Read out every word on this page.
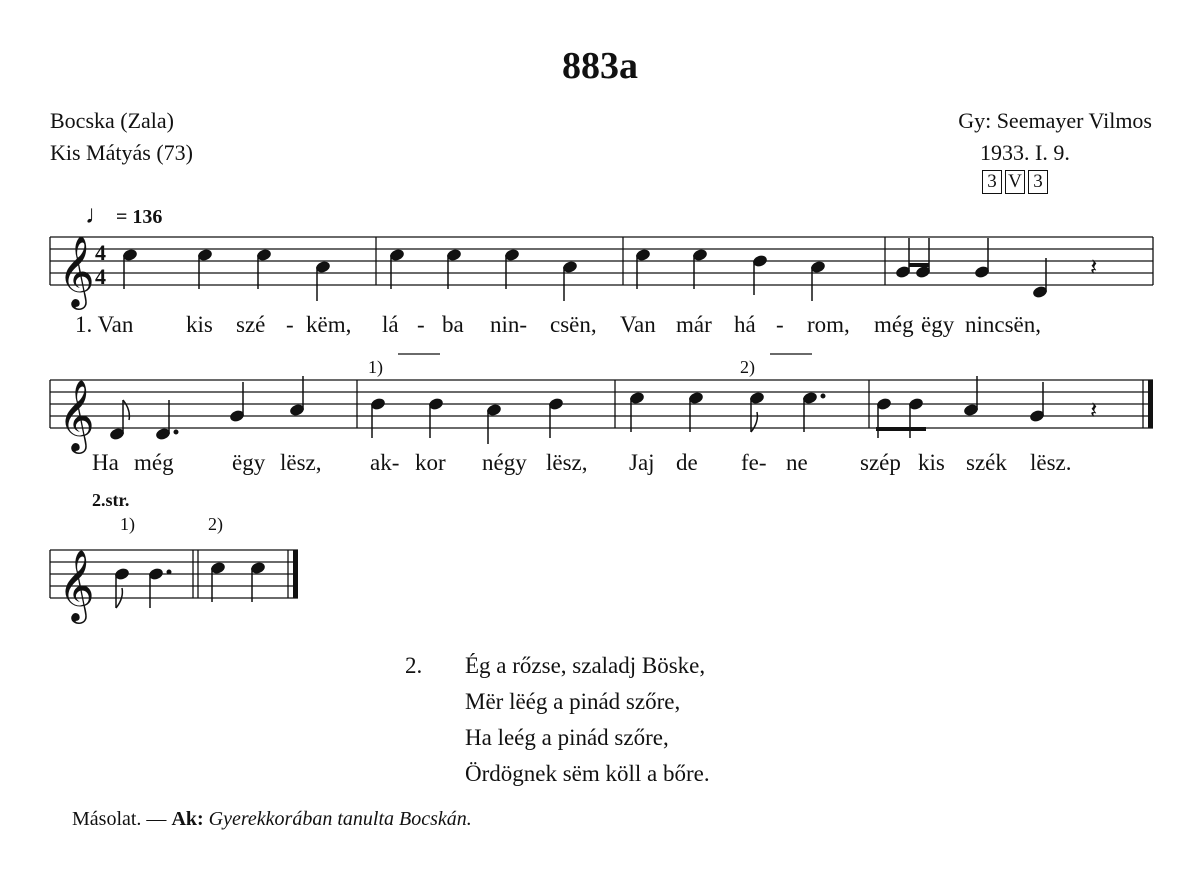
883a
Bocska (Zala)
Kis Mátyás (73)
Gy: Seemayer Vilmos
1933. I. 9.
3 V 3
♩ = 136
𝄞 4
4	𝄽
𝄞	𝄽
𝄞
1)	2)
2.str.
1)	2)
1. Van kis szé - këm, lá - ba nin- csën, Van már há - rom, még ëgy nincsën,
Ha még	ëgy lësz, ak- kor négy lësz, Jaj de fe- ne szép kis szék lësz.
2. Ég a rőzse, szaladj Böske,
Mër lëég a pinád szőre,
Ha leég a pinád szőre,
Ördögnek sëm köll a bőre.
Másolat. — Ak: Gyerekkorában tanulta Bocskán.
